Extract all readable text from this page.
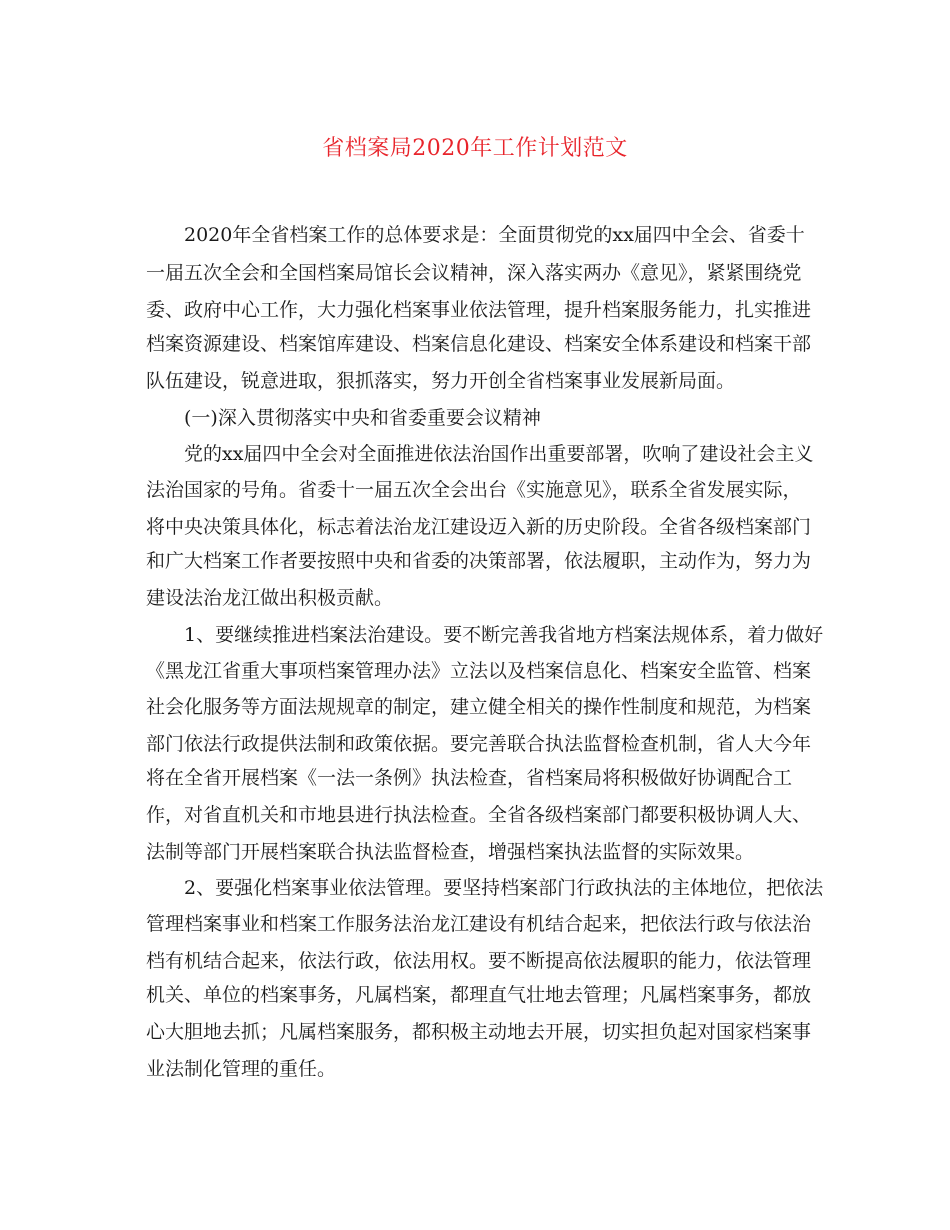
省档案局2020年工作计划范文
2020年全省档案工作的总体要求是：全面贯彻党的xx届四中全会、省委十
一届五次全会和全国档案局馆长会议精神，深入落实两办《意见》，紧紧围绕党
委、政府中心工作，大力强化档案事业依法管理，提升档案服务能力，扎实推进
档案资源建设、档案馆库建设、档案信息化建设、档案安全体系建设和档案干部
队伍建设，锐意进取，狠抓落实，努力开创全省档案事业发展新局面。
(一)深入贯彻落实中央和省委重要会议精神
党的xx届四中全会对全面推进依法治国作出重要部署，吹响了建设社会主义
法治国家的号角。省委十一届五次全会出台《实施意见》，联系全省发展实际，
将中央决策具体化，标志着法治龙江建设迈入新的历史阶段。全省各级档案部门
和广大档案工作者要按照中央和省委的决策部署，依法履职，主动作为，努力为
建设法治龙江做出积极贡献。
1、要继续推进档案法治建设。要不断完善我省地方档案法规体系，着力做好
《黑龙江省重大事项档案管理办法》立法以及档案信息化、档案安全监管、档案
社会化服务等方面法规规章的制定，建立健全相关的操作性制度和规范，为档案
部门依法行政提供法制和政策依据。要完善联合执法监督检查机制，省人大今年
将在全省开展档案《一法一条例》执法检查，省档案局将积极做好协调配合工
作，对省直机关和市地县进行执法检查。全省各级档案部门都要积极协调人大、
法制等部门开展档案联合执法监督检查，增强档案执法监督的实际效果。
2、要强化档案事业依法管理。要坚持档案部门行政执法的主体地位，把依法
管理档案事业和档案工作服务法治龙江建设有机结合起来，把依法行政与依法治
档有机结合起来，依法行政，依法用权。要不断提高依法履职的能力，依法管理
机关、单位的档案事务，凡属档案，都理直气壮地去管理；凡属档案事务，都放
心大胆地去抓；凡属档案服务，都积极主动地去开展，切实担负起对国家档案事
业法制化管理的重任。
